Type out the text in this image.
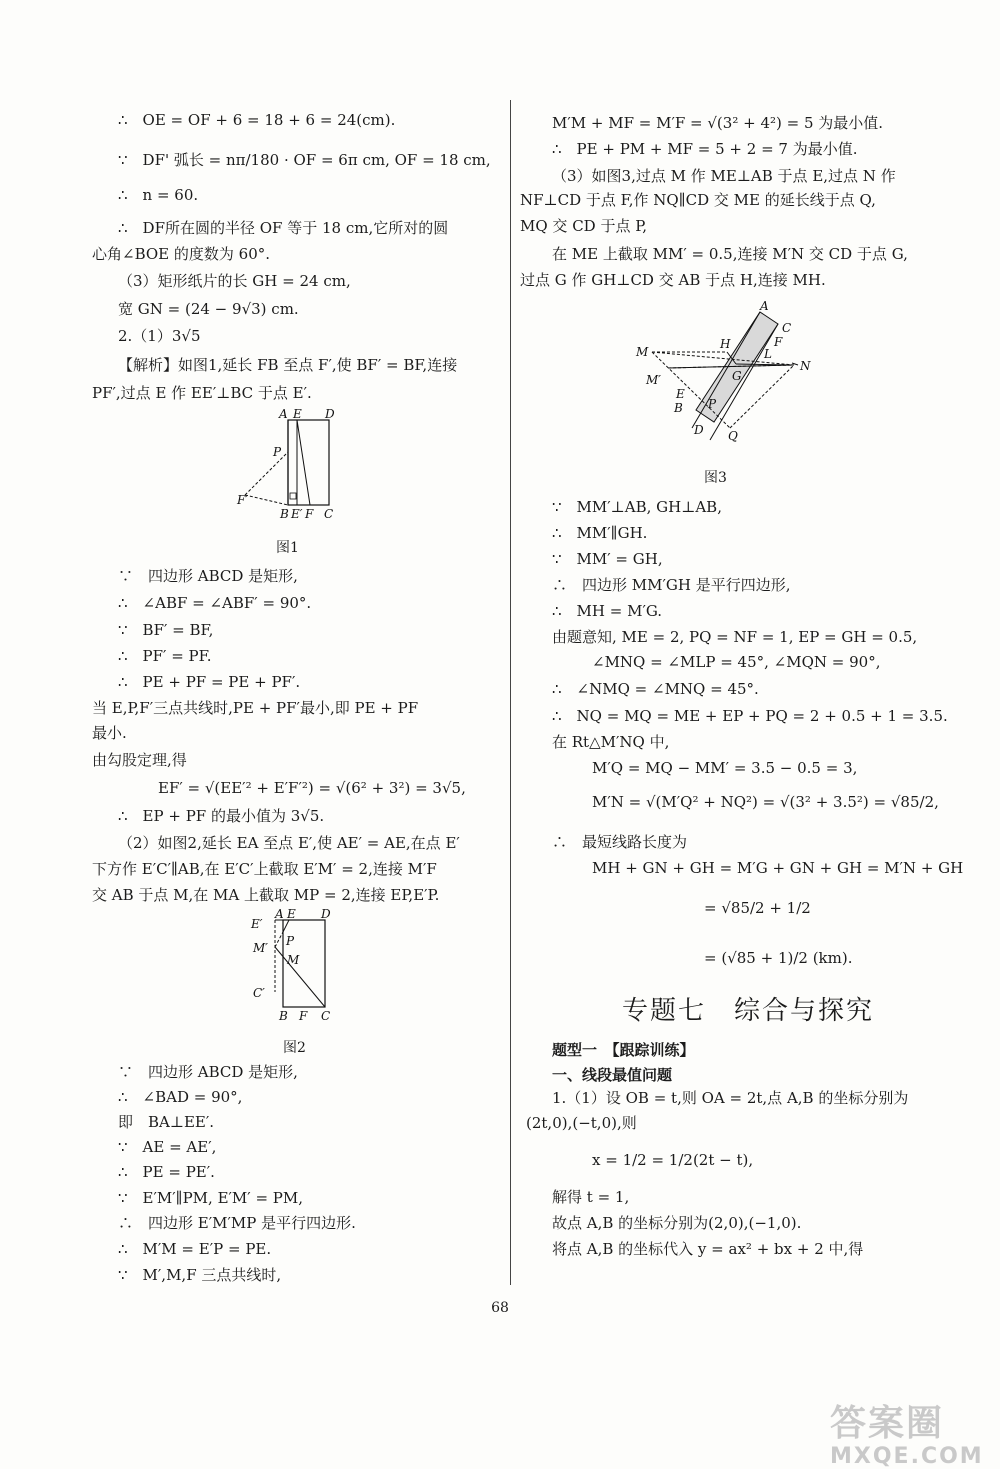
∴　OE = OF + 6 = 18 + 6 = 24(cm).
∵　DF' 弧长 = nπ/180 · OF = 6π cm, OF = 18 cm,
∴　n = 60.
∴　DF所在圆的半径 OF 等于 18 cm,它所对的圆
心角∠BOE 的度数为 60°.
（3）矩形纸片的长 GH = 24 cm,
宽 GN = (24 − 9√3) cm.
2.（1）3√5
【解析】如图1,延长 FB 至点 F′,使 BF′ = BF,连接
PF′,过点 E 作 EE′⊥BC 于点 E′.
A E D
P
F′
B E′ F C
图1
∵　四边形 ABCD 是矩形,
∴　∠ABF = ∠ABF′ = 90°.
∵　BF′ = BF,
∴　PF′ = PF.
∴　PE + PF = PE + PF′.
当 E,P,F′三点共线时,PE + PF′最小,即 PE + PF
最小.
由勾股定理,得
EF′ = √(EE′² + E′F′²) = √(6² + 3²) = 3√5,
∴　EP + PF 的最小值为 3√5.
（2）如图2,延长 EA 至点 E′,使 AE′ = AE,在点 E′
下方作 E′C′∥AB,在 E′C′上截取 E′M′ = 2,连接 M′F
交 AB 于点 M,在 MA 上截取 MP = 2,连接 EP,E′P.
E′
A E D
M′ P
M
C′
B F C
图2
∵　四边形 ABCD 是矩形,
∴　∠BAD = 90°,
即　BA⊥EE′.
∵　AE = AE′,
∴　PE = PE′.
∵　E′M′∥PM, E′M′ = PM,
∴　四边形 E′M′MP 是平行四边形.
∴　M′M = E′P = PE.
∵　M′,M,F 三点共线时,
M′M + MF = M′F = √(3² + 4²) = 5 为最小值.
∴　PE + PM + MF = 5 + 2 = 7 为最小值.
（3）如图3,过点 M 作 ME⊥AB 于点 E,过点 N 作
NF⊥CD 于点 F,作 NQ∥CD 交 ME 的延长线于点 Q,
MQ 交 CD 于点 P,
在 ME 上截取 MM′ = 0.5,连接 M′N 交 CD 于点 G,
过点 G 作 GH⊥CD 交 AB 于点 H,连接 MH.
A
C
M
H	F
L
N
G
M′
E
B P
D Q
图3
∵　MM′⊥AB, GH⊥AB,
∴　MM′∥GH.
∵　MM′ = GH,
∴　四边形 MM′GH 是平行四边形,
∴　MH = M′G.
由题意知, ME = 2, PQ = NF = 1, EP = GH = 0.5,
∠MNQ = ∠MLP = 45°, ∠MQN = 90°,
∴　∠NMQ = ∠MNQ = 45°.
∴　NQ = MQ = ME + EP + PQ = 2 + 0.5 + 1 = 3.5.
在 Rt△M′NQ 中,
M′Q = MQ − MM′ = 3.5 − 0.5 = 3,
M′N = √(M′Q² + NQ²) = √(3² + 3.5²) = √85/2,
∴　最短线路长度为
MH + GN + GH = M′G + GN + GH = M′N + GH
= √85/2 + 1/2
= (√85 + 1)/2 (km).
专题七　综合与探究
题型一　【跟踪训练】
一、线段最值问题
1.（1）设 OB = t,则 OA = 2t,点 A,B 的坐标分别为
(2t,0),(−t,0),则
x = 1/2 = 1/2(2t − t),
解得 t = 1,
故点 A,B 的坐标分别为(2,0),(−1,0).
将点 A,B 的坐标代入 y = ax² + bx + 2 中,得
68
答案圈
MXQE.COM
